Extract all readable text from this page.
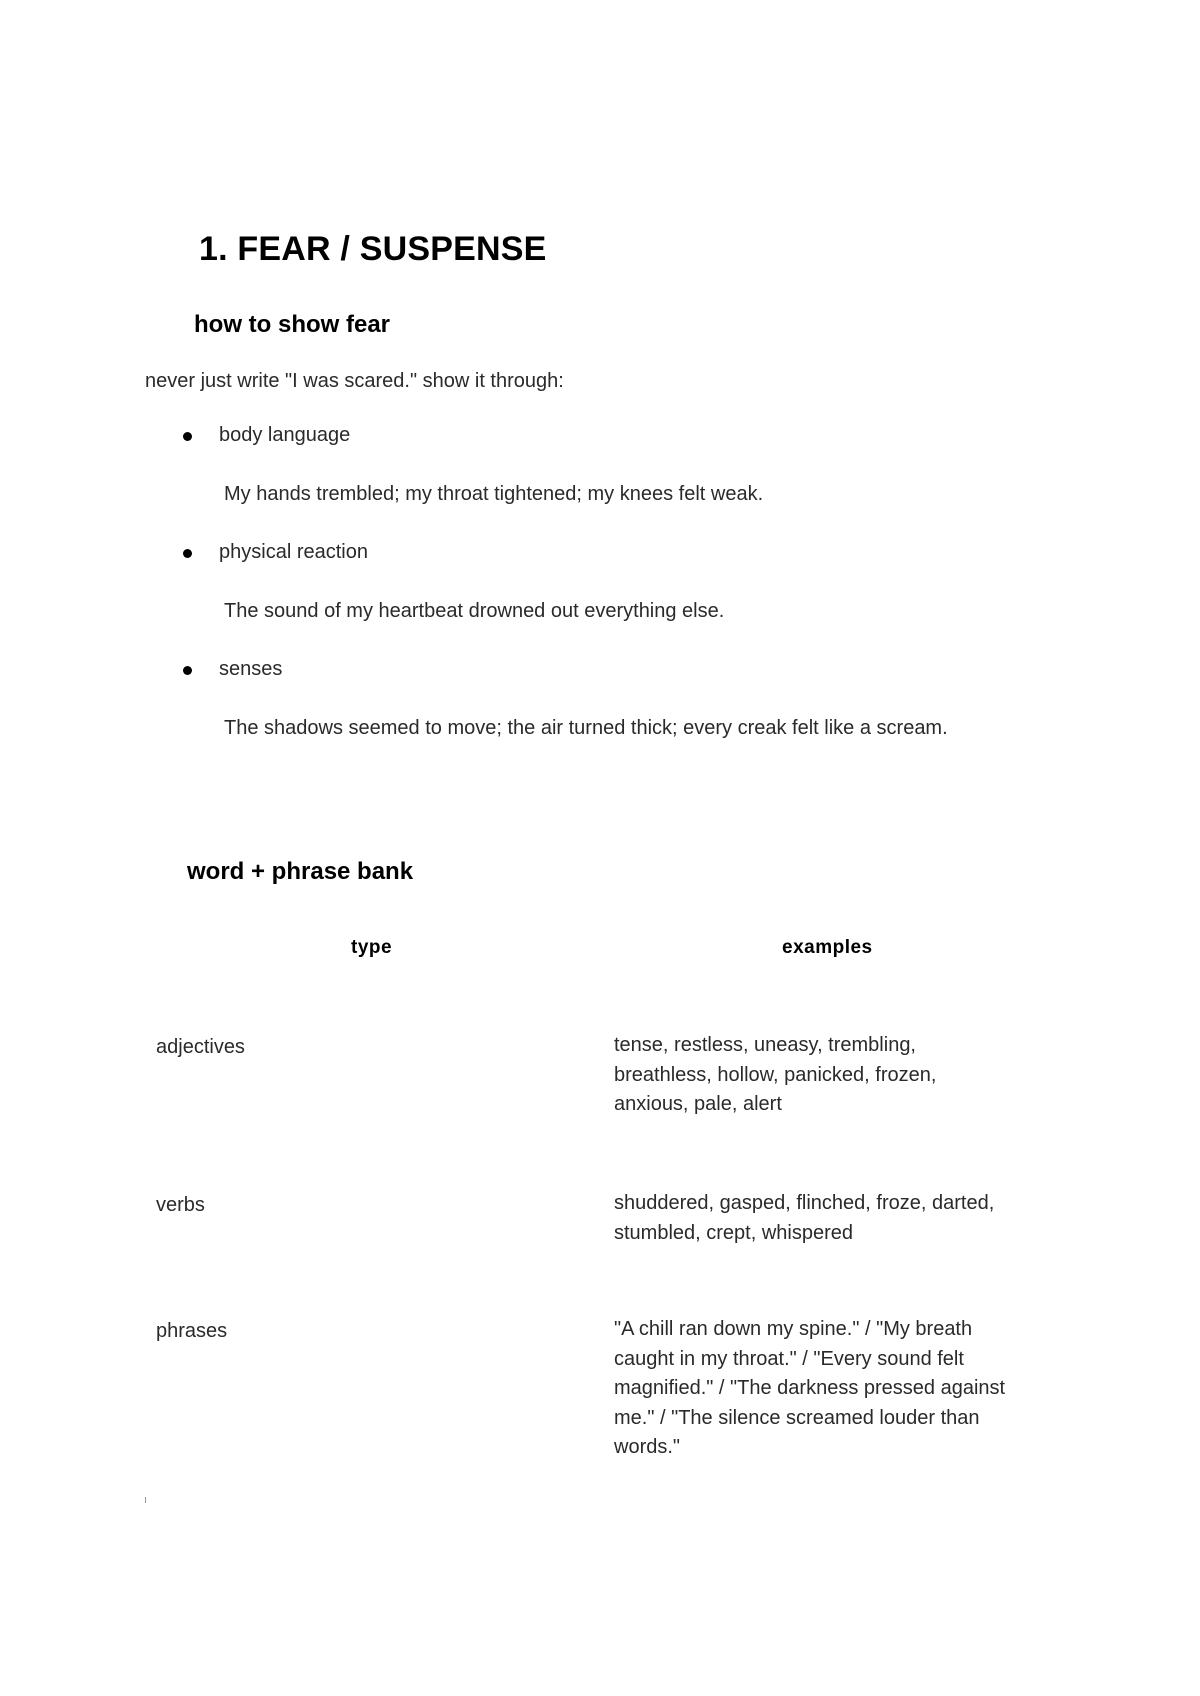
1. FEAR / SUSPENSE
how to show fear
never just write "I was scared." show it through:
body language
My hands trembled; my throat tightened; my knees felt weak.
physical reaction
The sound of my heartbeat drowned out everything else.
senses
The shadows seemed to move; the air turned thick; every creak felt like a scream.
word + phrase bank
type	examples
adjectives	tense, restless, uneasy, trembling,
breathless, hollow, panicked, frozen,
anxious, pale, alert
verbs	shuddered, gasped, flinched, froze, darted,
stumbled, crept, whispered
phrases	"A chill ran down my spine." / "My breath
caught in my throat." / "Every sound felt
magnified." / "The darkness pressed against
me." / "The silence screamed louder than
words."
